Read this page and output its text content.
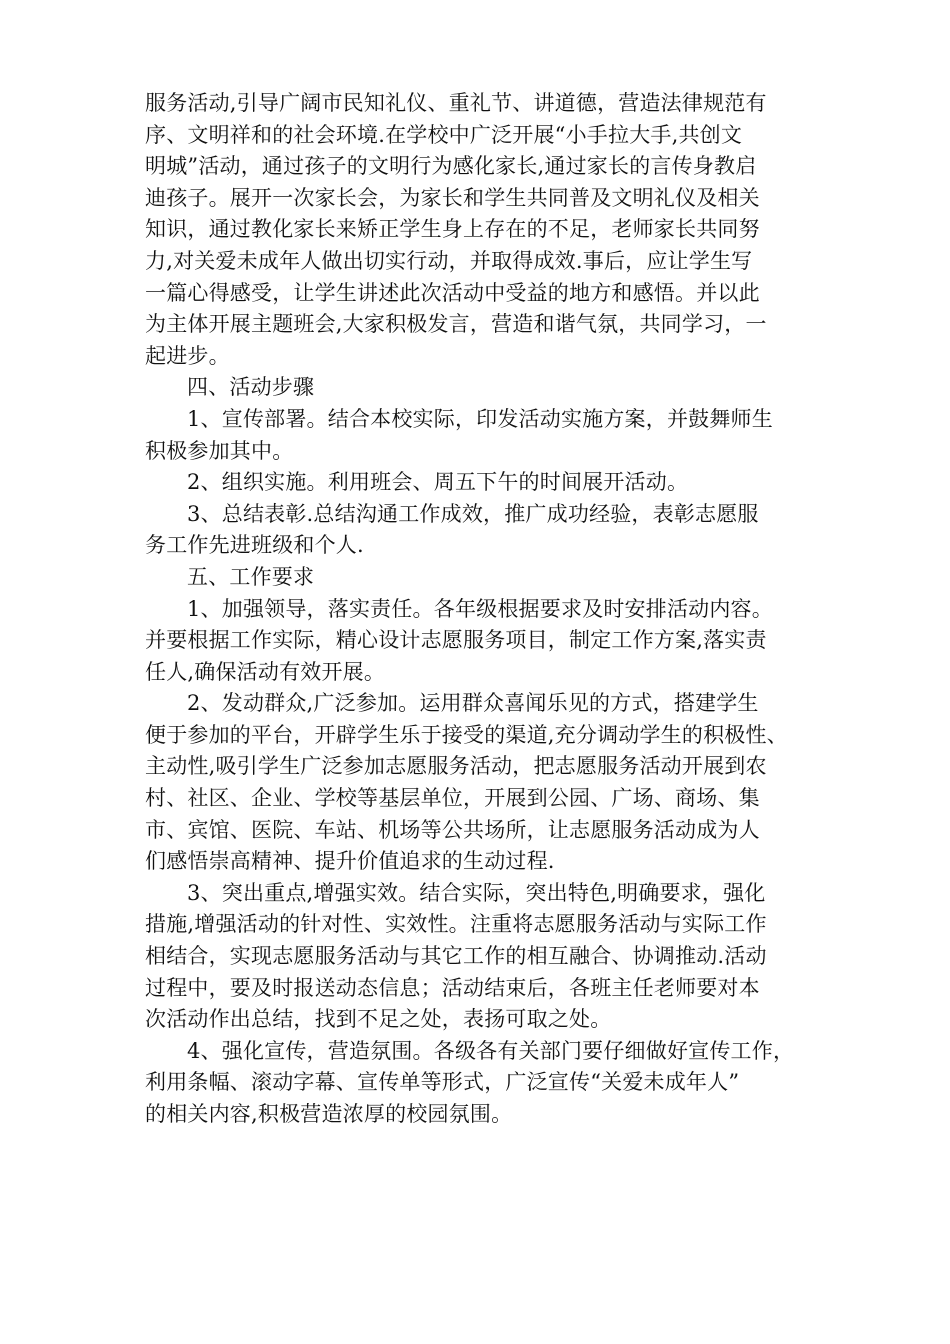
服务活动,引导广阔市民知礼仪、重礼节、讲道德，营造法律规范有
序、文明祥和的社会环境.在学校中广泛开展“小手拉大手,共创文
明城”活动，通过孩子的文明行为感化家长,通过家长的言传身教启
迪孩子。展开一次家长会，为家长和学生共同普及文明礼仪及相关
知识，通过教化家长来矫正学生身上存在的不足，老师家长共同努
力,对关爱未成年人做出切实行动，并取得成效.事后，应让学生写
一篇心得感受，让学生讲述此次活动中受益的地方和感悟。并以此
为主体开展主题班会,大家积极发言，营造和谐气氛，共同学习，一
起进步。
四、活动步骤
1、宣传部署。结合本校实际，印发活动实施方案，并鼓舞师生
积极参加其中。
2、组织实施。利用班会、周五下午的时间展开活动。
3、总结表彰.总结沟通工作成效，推广成功经验，表彰志愿服
务工作先进班级和个人.
五、工作要求
1、加强领导，落实责任。各年级根据要求及时安排活动内容。
并要根据工作实际，精心设计志愿服务项目，制定工作方案,落实责
任人,确保活动有效开展。
2、发动群众,广泛参加。运用群众喜闻乐见的方式，搭建学生
便于参加的平台，开辟学生乐于接受的渠道,充分调动学生的积极性、
主动性,吸引学生广泛参加志愿服务活动，把志愿服务活动开展到农
村、社区、企业、学校等基层单位，开展到公园、广场、商场、集
市、宾馆、医院、车站、机场等公共场所，让志愿服务活动成为人
们感悟崇高精神、提升价值追求的生动过程.
3、突出重点,增强实效。结合实际，突出特色,明确要求，强化
措施,增强活动的针对性、实效性。注重将志愿服务活动与实际工作
相结合，实现志愿服务活动与其它工作的相互融合、协调推动.活动
过程中，要及时报送动态信息；活动结束后，各班主任老师要对本
次活动作出总结，找到不足之处，表扬可取之处。
4、强化宣传，营造氛围。各级各有关部门要仔细做好宣传工作，
利用条幅、滚动字幕、宣传单等形式，广泛宣传“关爱未成年人”
的相关内容,积极营造浓厚的校园氛围。
